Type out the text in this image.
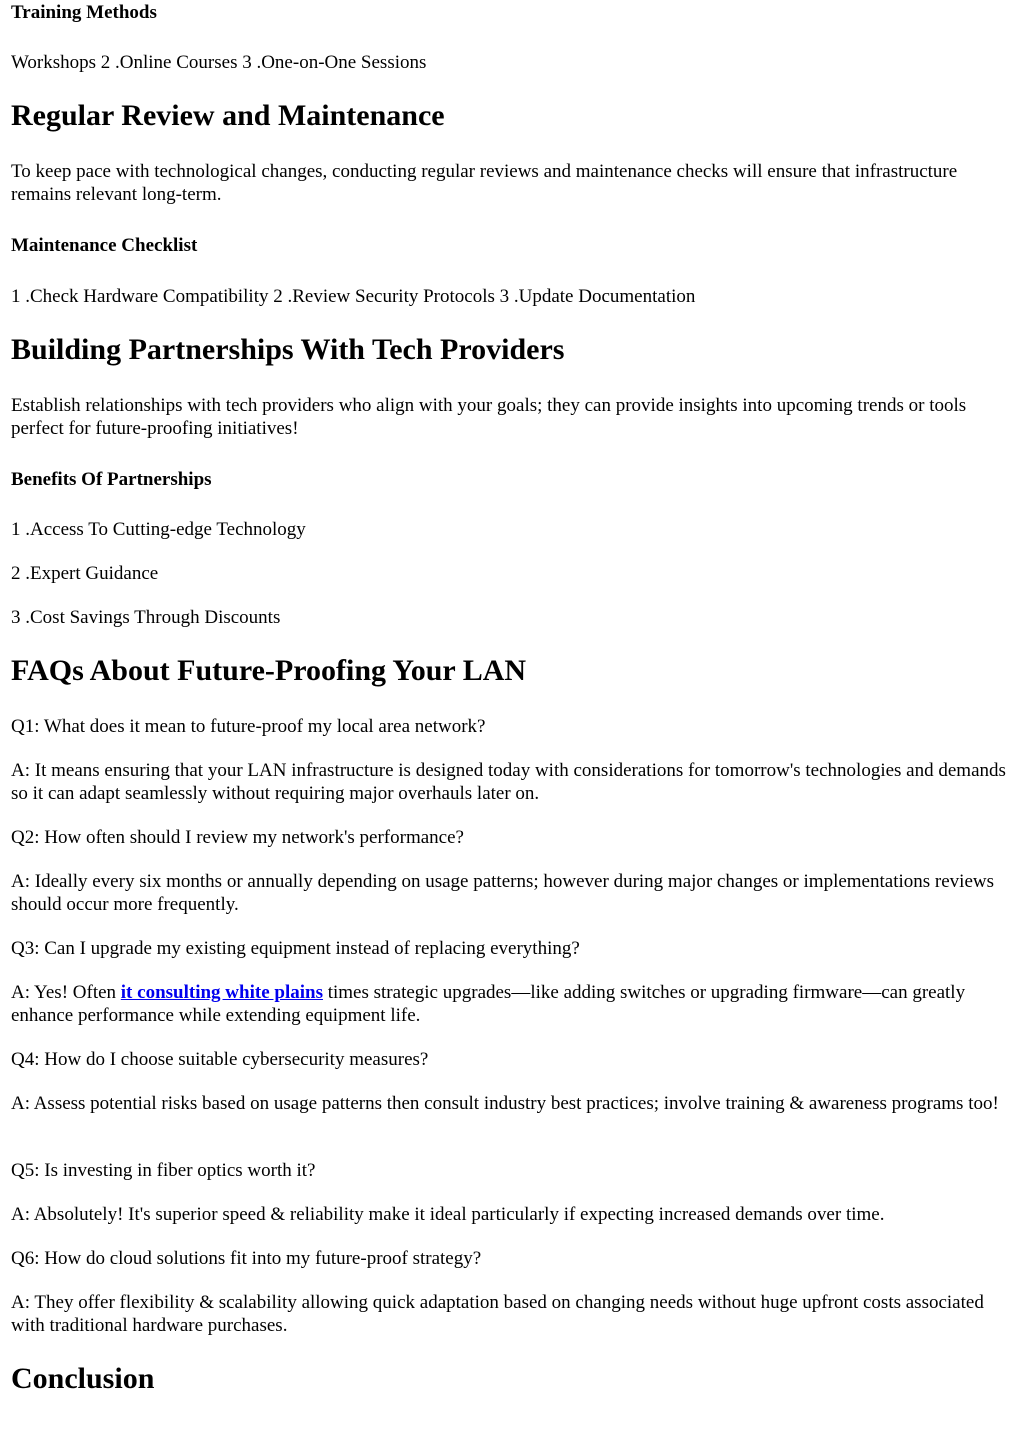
Training Methods

Workshops 2 .Online Courses 3 .One-on-One Sessions

Regular Review and Maintenance

To keep pace with technological changes, conducting regular reviews and maintenance checks will ensure that infrastructure remains relevant long-term.

Maintenance Checklist

1 .Check Hardware Compatibility 2 .Review Security Protocols 3 .Update Documentation

Building Partnerships With Tech Providers

Establish relationships with tech providers who align with your goals; they can provide insights into upcoming trends or tools perfect for future-proofing initiatives!

Benefits Of Partnerships

1 .Access To Cutting-edge Technology

2 .Expert Guidance

3 .Cost Savings Through Discounts

FAQs About Future-Proofing Your LAN

Q1: What does it mean to future-proof my local area network?

A: It means ensuring that your LAN infrastructure is designed today with considerations for tomorrow's technologies and demands so it can adapt seamlessly without requiring major overhauls later on.

Q2: How often should I review my network's performance?

A: Ideally every six months or annually depending on usage patterns; however during major changes or implementations reviews should occur more frequently.

Q3: Can I upgrade my existing equipment instead of replacing everything?

A: Yes! Often it consulting white plains times strategic upgrades—like adding switches or upgrading firmware—can greatly enhance performance while extending equipment life.

Q4: How do I choose suitable cybersecurity measures?

A: Assess potential risks based on usage patterns then consult industry best practices; involve training & awareness programs too!

Q5: Is investing in fiber optics worth it?

A: Absolutely! It's superior speed & reliability make it ideal particularly if expecting increased demands over time.

Q6: How do cloud solutions fit into my future-proof strategy?

A: They offer flexibility & scalability allowing quick adaptation based on changing needs without huge upfront costs associated with traditional hardware purchases.

Conclusion
